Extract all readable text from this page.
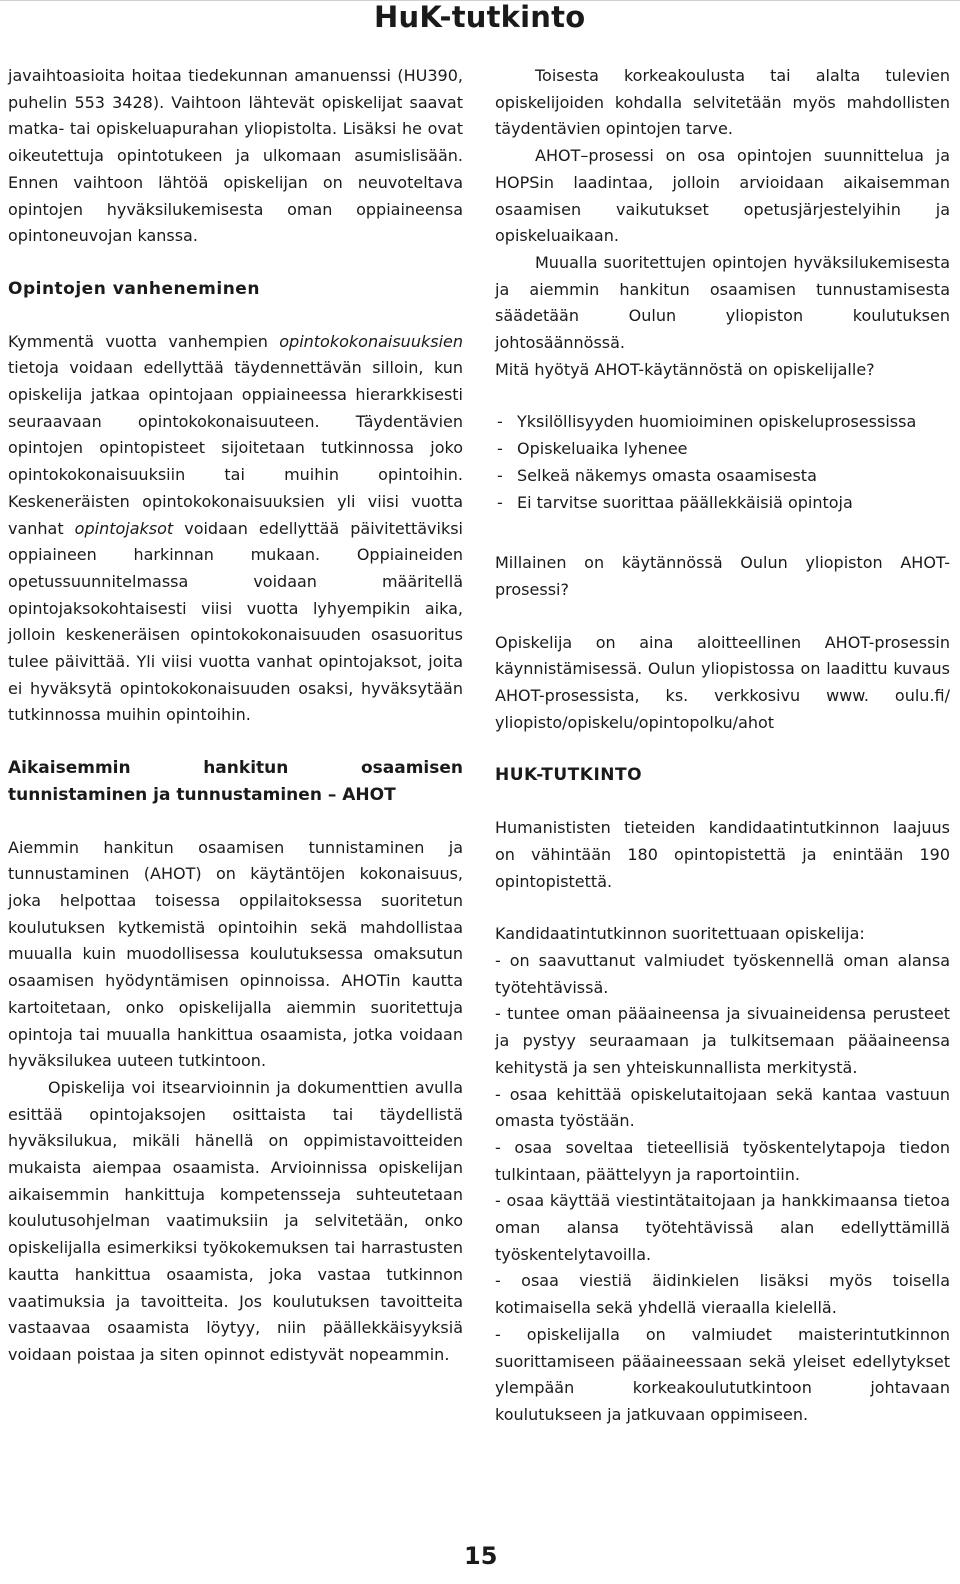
HuK-tutkinto

javaihtoasioita hoitaa tiedekunnan amanuenssi (HU390, puhelin 553 3428). Vaihtoon lähtevät opiskelijat saavat matka- tai opiskeluapurahan yliopistolta. Lisäksi he ovat oikeutettuja opintotukeen ja ulkomaan asumislisään. Ennen vaihtoon lähtöä opiskelijan on neuvoteltava opintojen hyväksilukemisesta oman oppiaineensa opintoneuvojan kanssa.

Opintojen vanheneminen

Kymmentä vuotta vanhempien opintokokonaisuuksien tietoja voidaan edellyttää täydennettävän silloin, kun opiskelija jatkaa opintojaan oppiaineessa hierarkkisesti seuraavaan opintokokonaisuuteen. Täydentävien opintojen opintopisteet sijoitetaan tutkinnossa joko opintokokonaisuuksiin tai muihin opintoihin. Keskeneräisten opintokokonaisuuksien yli viisi vuotta vanhat opintojaksot voidaan edellyttää päivitettäviksi oppiaineen harkinnan mukaan. Oppiaineiden opetussuunnitelmassa voidaan määritellä opintojaksokohtaisesti viisi vuotta lyhyempikin aika, jolloin keskeneräisen opintokokonaisuuden osasuoritus tulee päivittää. Yli viisi vuotta vanhat opintojaksot, joita ei hyväksytä opintokokonaisuuden osaksi, hyväksytään tutkinnossa muihin opintoihin.

Aikaisemmin hankitun osaamisen tunnistaminen ja tunnustaminen – AHOT

Aiemmin hankitun osaamisen tunnistaminen ja tunnustaminen (AHOT) on käytäntöjen kokonaisuus, joka helpottaa toisessa oppilaitoksessa suoritetun koulutuksen kytkemistä opintoihin sekä mahdollistaa muualla kuin muodollisessa koulutuksessa omaksutun osaamisen hyödyntämisen opinnoissa. AHOTin kautta kartoitetaan, onko opiskelijalla aiemmin suoritettuja opintoja tai muualla hankittua osaamista, jotka voidaan hyväksilukea uuteen tutkintoon.

Opiskelija voi itsearvioinnin ja dokumenttien avulla esittää opintojaksojen osittaista tai täydellistä hyväksilukua, mikäli hänellä on oppimistavoitteiden mukaista aiempaa osaamista. Arvioinnissa opiskelijan aikaisemmin hankittuja kompetensseja suhteutetaan koulutusohjelman vaatimuksiin ja selvitetään, onko opiskelijalla esimerkiksi työkokemuksen tai harrastusten kautta hankittua osaamista, joka vastaa tutkinnon vaatimuksia ja tavoitteita. Jos koulutuksen tavoitteita vastaavaa osaamista löytyy, niin päällekkäisyyksiä voidaan poistaa ja siten opinnot edistyvät nopeammin.

Toisesta korkeakoulusta tai alalta tulevien opiskelijoiden kohdalla selvitetään myös mahdollisten täydentävien opintojen tarve.

AHOT–prosessi on osa opintojen suunnittelua ja HOPSin laadintaa, jolloin arvioidaan aikaisemman osaamisen vaikutukset opetusjärjestelyihin ja opiskeluaikaan.

Muualla suoritettujen opintojen hyväksilukemisesta ja aiemmin hankitun osaamisen tunnustamisesta säädetään Oulun yliopiston koulutuksen johtosäännössä.

Mitä hyötyä AHOT-käytännöstä on opiskelijalle?

- Yksilöllisyyden huomioiminen opiskeluprosessissa
- Opiskeluaika lyhenee
- Selkeä näkemys omasta osaamisesta
- Ei tarvitse suorittaa päällekkäisiä opintoja

Millainen on käytännössä Oulun yliopiston AHOT-prosessi?

Opiskelija on aina aloitteellinen AHOT-prosessin käynnistämisessä. Oulun yliopistossa on laadittu kuvaus AHOT-prosessista, ks. verkkosivu www. oulu.fi/ yliopisto/opiskelu/opintopolku/ahot

HUK-TUTKINTO

Humanististen tieteiden kandidaatintutkinnon laajuus on vähintään 180 opintopistettä ja enintään 190 opintopistettä.

Kandidaatintutkinnon suoritettuaan opiskelija:

- on saavuttanut valmiudet työskennellä oman alansa työtehtävissä.

- tuntee oman pääaineensa ja sivuaineidensa perusteet ja pystyy seuraamaan ja tulkitsemaan pääaineensa kehitystä ja sen yhteiskunnallista merkitystä.

- osaa kehittää opiskelutaitojaan sekä kantaa vastuun omasta työstään.

- osaa soveltaa tieteellisiä työskentelytapoja tiedon tulkintaan, päättelyyn ja raportointiin.

- osaa käyttää viestintätaitojaan ja hankkimaansa tietoa oman alansa työtehtävissä alan edellyttämillä työskentelytavoilla.

- osaa viestiä äidinkielen lisäksi myös toisella kotimaisella sekä yhdellä vieraalla kielellä.

- opiskelijalla on valmiudet maisterintutkinnon suorittamiseen pääaineessaan sekä yleiset edellytykset ylempään korkeakoulututkintoon johtavaan koulutukseen ja jatkuvaan oppimiseen.

15
